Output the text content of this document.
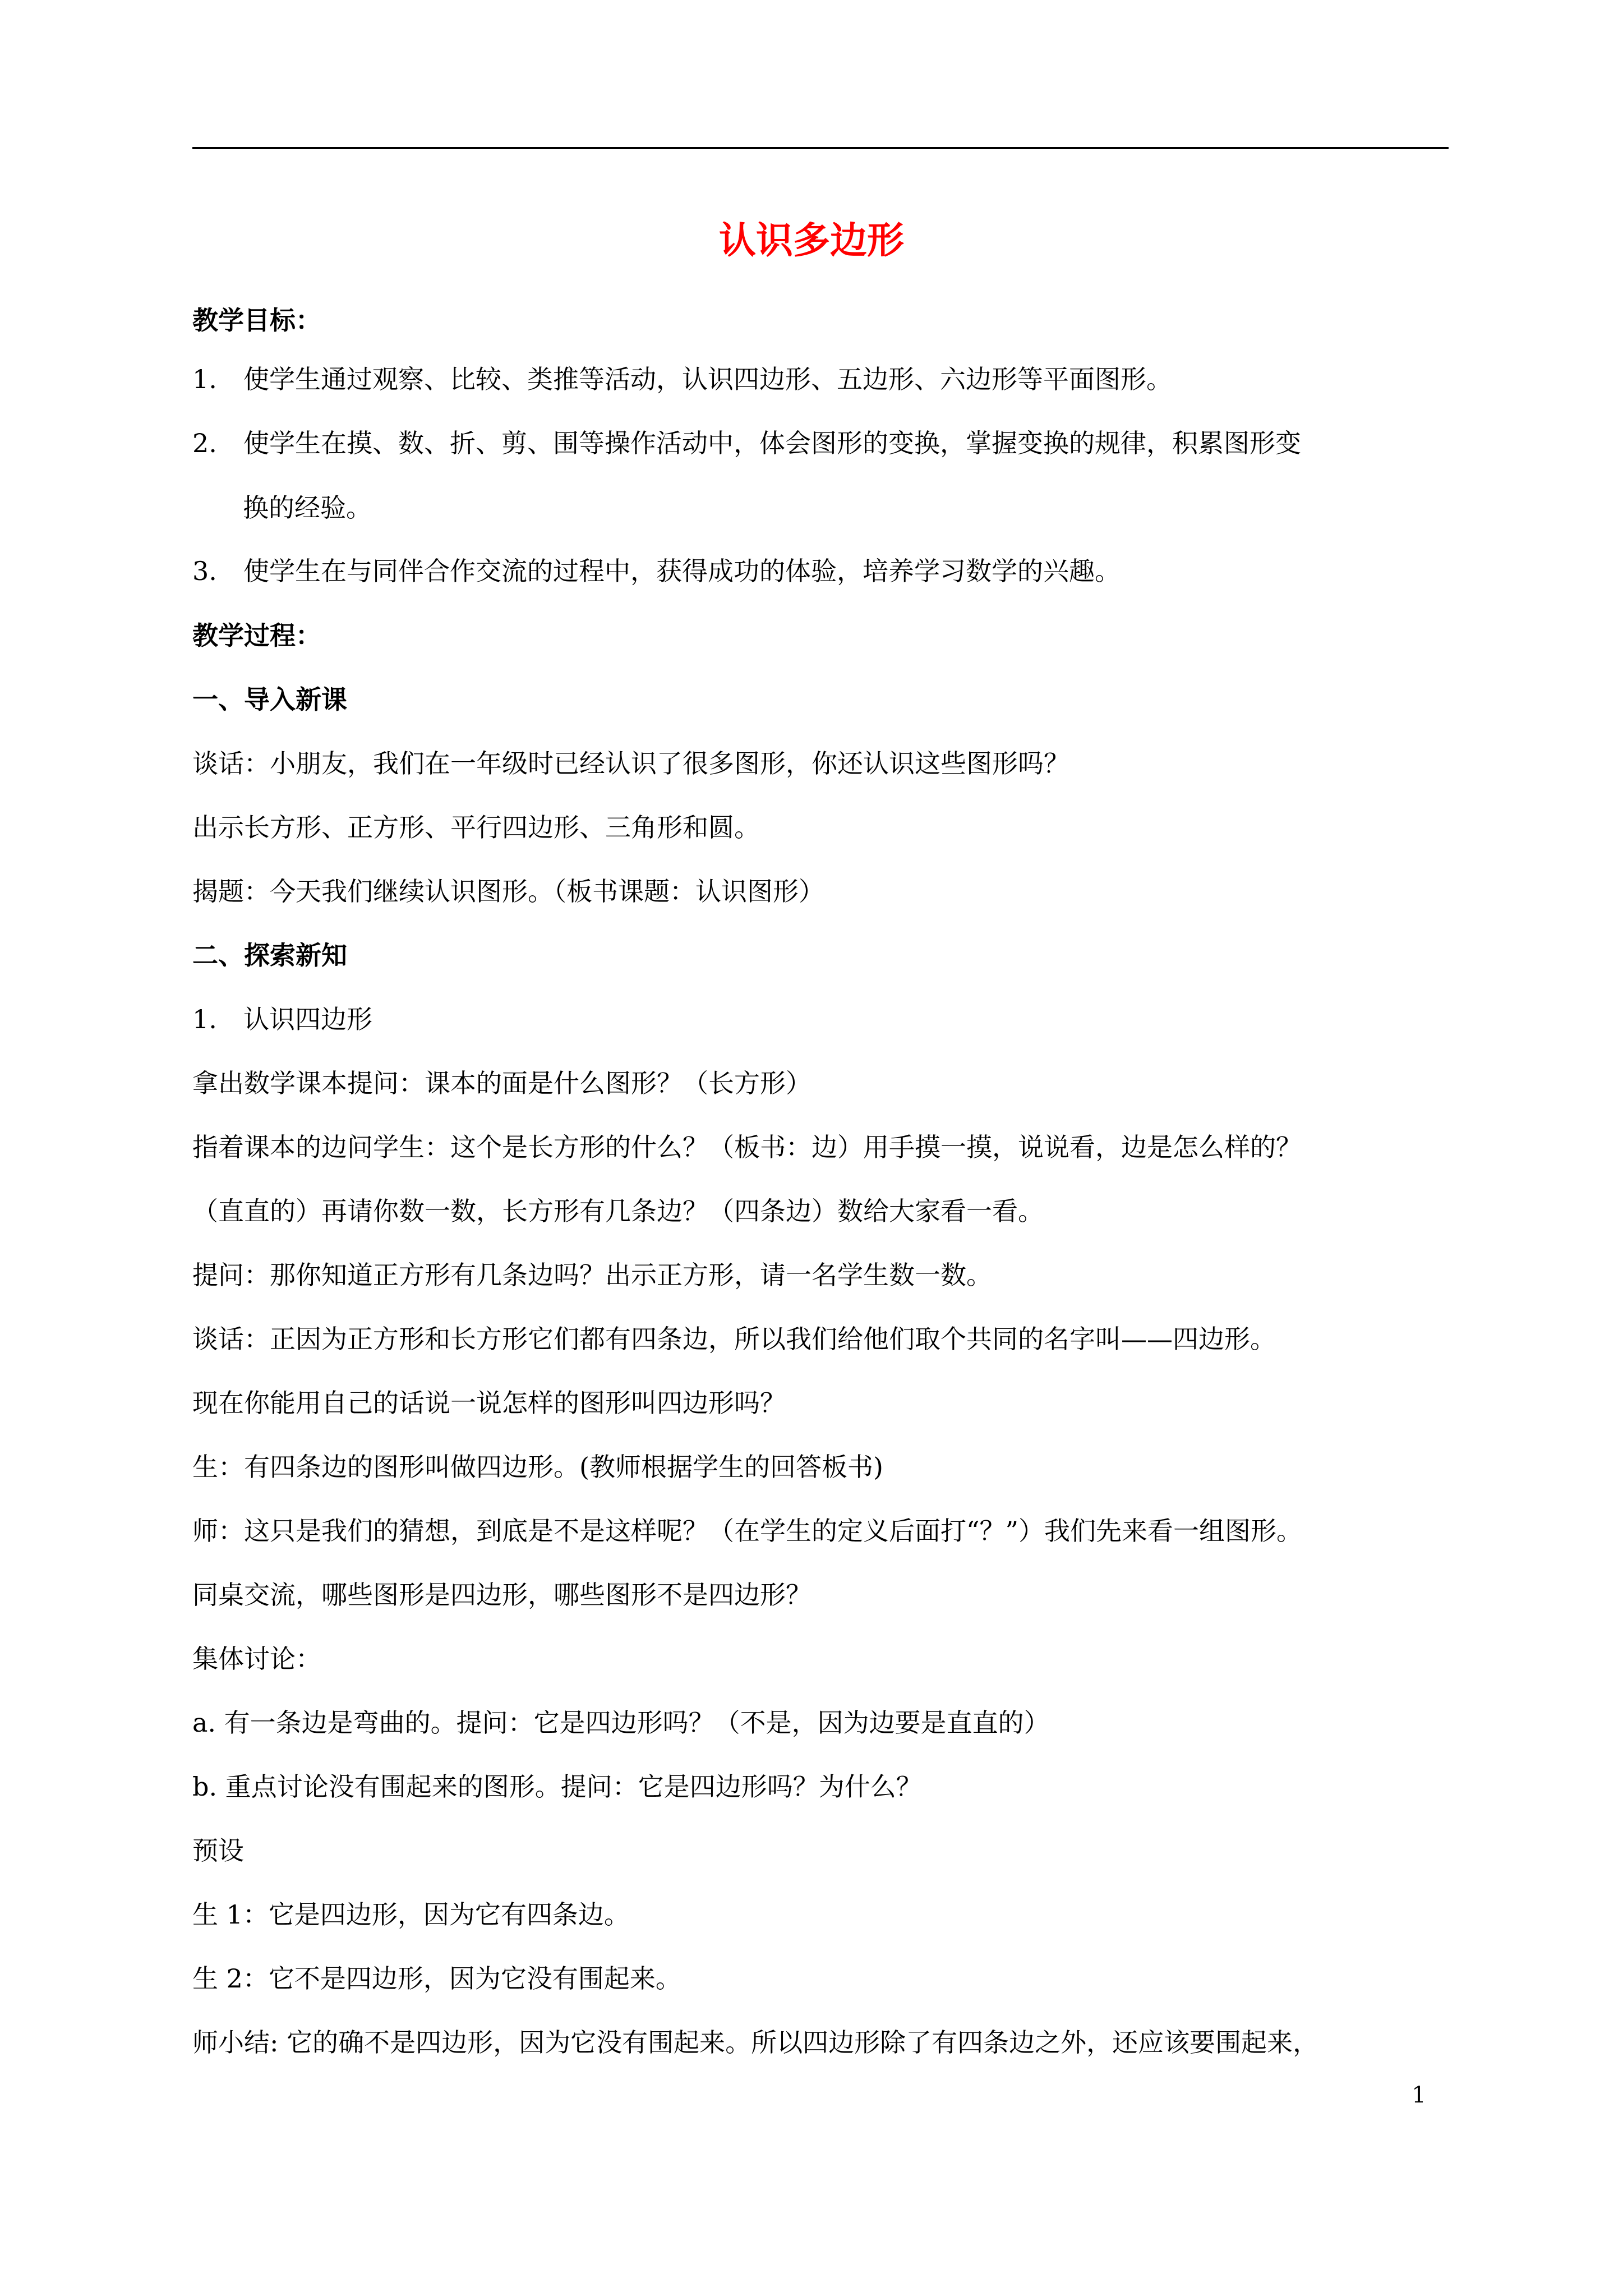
认识多边形
教学目标：
1. 使学生通过观察、比较、类推等活动，认识四边形、五边形、六边形等平面图形。
2. 使学生在摸、数、折、剪、围等操作活动中，体会图形的变换，掌握变换的规律，积累图形变
换的经验。
3. 使学生在与同伴合作交流的过程中，获得成功的体验，培养学习数学的兴趣。
教学过程：
一、导入新课
谈话：小朋友，我们在一年级时已经认识了很多图形，你还认识这些图形吗？
出示长方形、正方形、平行四边形、三角形和圆。
揭题：今天我们继续认识图形。（板书课题：认识图形）
二、探索新知
1. 认识四边形
拿出数学课本提问：课本的面是什么图形？（长方形）
指着课本的边问学生：这个是长方形的什么？（板书：边）用手摸一摸，说说看，边是怎么样的？
（直直的）再请你数一数，长方形有几条边？（四条边）数给大家看一看。
提问：那你知道正方形有几条边吗？出示正方形，请一名学生数一数。
谈话：正因为正方形和长方形它们都有四条边，所以我们给他们取个共同的名字叫——四边形。
现在你能用自己的话说一说怎样的图形叫四边形吗？
生：有四条边的图形叫做四边形。(教师根据学生的回答板书)
师：这只是我们的猜想，到底是不是这样呢？（在学生的定义后面打“？”）我们先来看一组图形。
同桌交流，哪些图形是四边形，哪些图形不是四边形？
集体讨论：
a. 有一条边是弯曲的。提问：它是四边形吗？（不是，因为边要是直直的）
b. 重点讨论没有围起来的图形。提问：它是四边形吗？为什么？
预设
生 1：它是四边形，因为它有四条边。
生 2：它不是四边形，因为它没有围起来。
师小结: 它的确不是四边形，因为它没有围起来。所以四边形除了有四条边之外，还应该要围起来，
1
